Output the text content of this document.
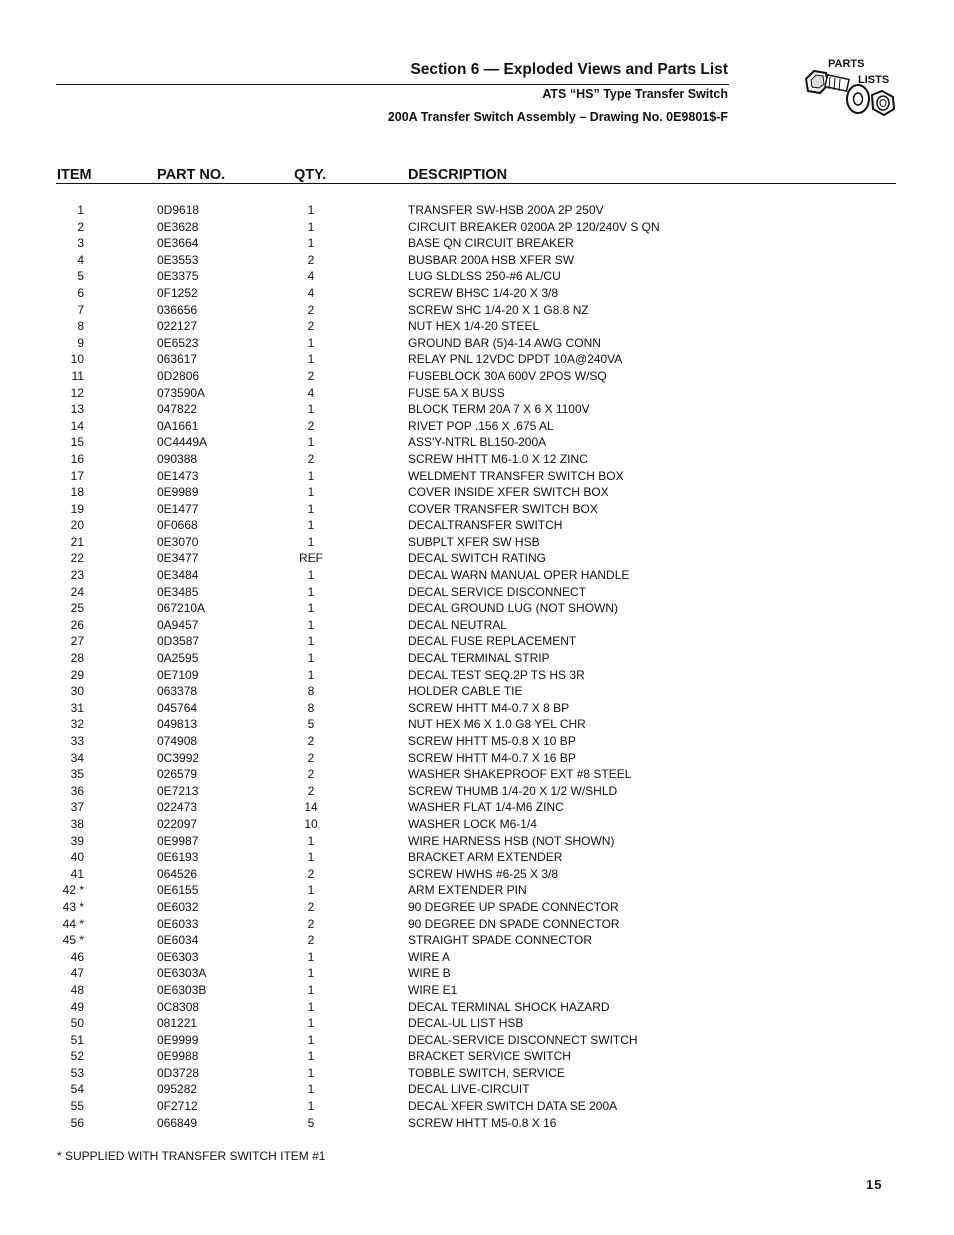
Section 6 — Exploded Views and Parts List
ATS “HS” Type Transfer Switch
200A Transfer Switch Assembly – Drawing No. 0E9801$-F
PARTS
LISTS
ITEM	PART NO.	QTY.	DESCRIPTION
1	0D9618	1	TRANSFER SW-HSB 200A 2P 250V
2	0E3628	1	CIRCUIT BREAKER 0200A 2P 120/240V S QN
3	0E3664	1	BASE QN CIRCUIT BREAKER
4	0E3553	2	BUSBAR 200A HSB XFER SW
5	0E3375	4	LUG SLDLSS 250-#6 AL/CU
6	0F1252	4	SCREW BHSC 1/4-20 X 3/8
7	036656	2	SCREW SHC 1/4-20 X 1 G8.8 NZ
8	022127	2	NUT HEX 1/4-20 STEEL
9	0E6523	1	GROUND BAR (5)4-14 AWG CONN
10	063617	1	RELAY PNL 12VDC DPDT 10A@240VA
11	0D2806	2	FUSEBLOCK 30A 600V 2POS W/SQ
12	073590A	4	FUSE 5A X BUSS
13	047822	1	BLOCK TERM 20A 7 X 6 X 1100V
14	0A1661	2	RIVET POP .156 X .675 AL
15	0C4449A	1	ASS'Y-NTRL BL150-200A
16	090388	2	SCREW HHTT M6-1.0 X 12 ZINC
17	0E1473	1	WELDMENT TRANSFER SWITCH BOX
18	0E9989	1	COVER INSIDE XFER SWITCH BOX
19	0E1477	1	COVER TRANSFER SWITCH BOX
20	0F0668	1	DECALTRANSFER SWITCH
21	0E3070	1	SUBPLT XFER SW HSB
22	0E3477	REF	DECAL SWITCH RATING
23	0E3484	1	DECAL WARN MANUAL OPER HANDLE
24	0E3485	1	DECAL SERVICE DISCONNECT
25	067210A	1	DECAL GROUND LUG (NOT SHOWN)
26	0A9457	1	DECAL NEUTRAL
27	0D3587	1	DECAL FUSE REPLACEMENT
28	0A2595	1	DECAL TERMINAL STRIP
29	0E7109	1	DECAL TEST SEQ.2P TS HS 3R
30	063378	8	HOLDER CABLE TIE
31	045764	8	SCREW HHTT M4-0.7 X 8 BP
32	049813	5	NUT HEX M6 X 1.0 G8 YEL CHR
33	074908	2	SCREW HHTT M5-0.8 X 10 BP
34	0C3992	2	SCREW HHTT M4-0.7 X 16 BP
35	026579	2	WASHER SHAKEPROOF EXT #8 STEEL
36	0E7213	2	SCREW THUMB 1/4-20 X 1/2 W/SHLD
37	022473	14	WASHER FLAT 1/4-M6 ZINC
38	022097	10	WASHER LOCK M6-1/4
39	0E9987	1	WIRE HARNESS HSB (NOT SHOWN)
40	0E6193	1	BRACKET ARM EXTENDER
41	064526	2	SCREW HWHS #6-25 X 3/8
42 *	0E6155	1	ARM EXTENDER PIN
43 *	0E6032	2	90 DEGREE UP SPADE CONNECTOR
44 *	0E6033	2	90 DEGREE DN SPADE CONNECTOR
45 *	0E6034	2	STRAIGHT SPADE CONNECTOR
46	0E6303	1	WIRE A
47	0E6303A	1	WIRE B
48	0E6303B	1	WIRE E1
49	0C8308	1	DECAL TERMINAL SHOCK HAZARD
50	081221	1	DECAL-UL LIST HSB
51	0E9999	1	DECAL-SERVICE DISCONNECT SWITCH
52	0E9988	1	BRACKET SERVICE SWITCH
53	0D3728	1	TOBBLE SWITCH, SERVICE
54	095282	1	DECAL LIVE-CIRCUIT
55	0F2712	1	DECAL XFER SWITCH DATA SE 200A
56	066849	5	SCREW HHTT M5-0.8 X 16
* SUPPLIED WITH TRANSFER SWITCH ITEM #1
15
